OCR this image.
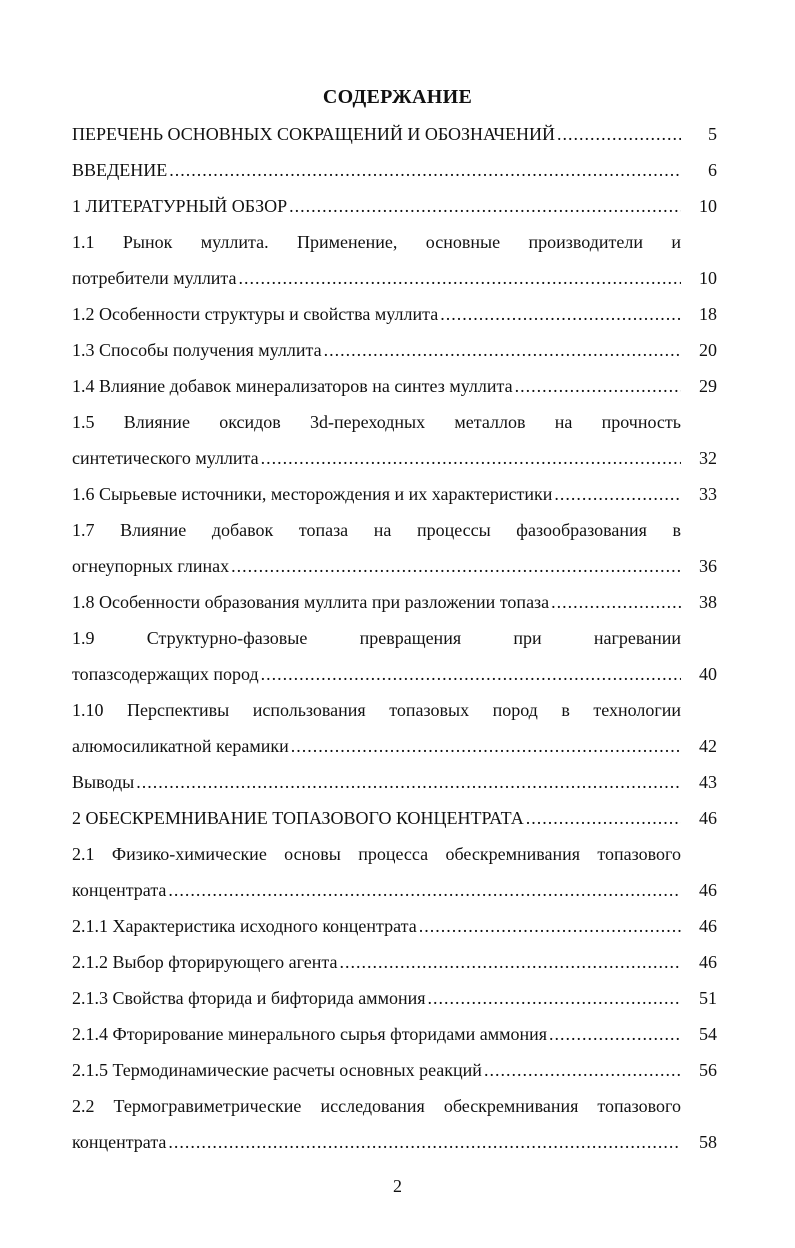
СОДЕРЖАНИЕ
ПЕРЕЧЕНЬ ОСНОВНЫХ СОКРАЩЕНИЙ И ОБОЗНАЧЕНИЙ .....	5
ВВЕДЕНИЕ .....	6
1 ЛИТЕРАТУРНЫЙ ОБЗОР .....	10
1.1 Рынок муллита. Применение, основные производители и
потребители муллита .....	10
1.2 Особенности структуры и свойства муллита .....	18
1.3 Способы получения муллита .....	20
1.4 Влияние добавок минерализаторов на синтез муллита .....	29
1.5 Влияние оксидов 3d-переходных металлов на прочность
синтетического муллита .....	32
1.6 Сырьевые источники, месторождения и их характеристики .....	33
1.7 Влияние добавок топаза на процессы фазообразования в
огнеупорных глинах .....	36
1.8 Особенности образования муллита при разложении топаза .....	38
1.9 Структурно-фазовые превращения при нагревании
топазсодержащих пород .....	40
1.10 Перспективы использования топазовых пород в технологии
алюмосиликатной керамики .....	42
Выводы .....	43
2 ОБЕСКРЕМНИВАНИЕ ТОПАЗОВОГО КОНЦЕНТРАТА .....	46
2.1 Физико-химические основы процесса обескремнивания топазового
концентрата .....	46
2.1.1 Характеристика исходного концентрата .....	46
2.1.2 Выбор фторирующего агента .....	46
2.1.3 Свойства фторида и бифторида аммония .....	51
2.1.4 Фторирование минерального сырья фторидами аммония .....	54
2.1.5 Термодинамические расчеты основных реакций .....	56
2.2 Термогравиметрические исследования обескремнивания топазового
концентрата .....	58
2
